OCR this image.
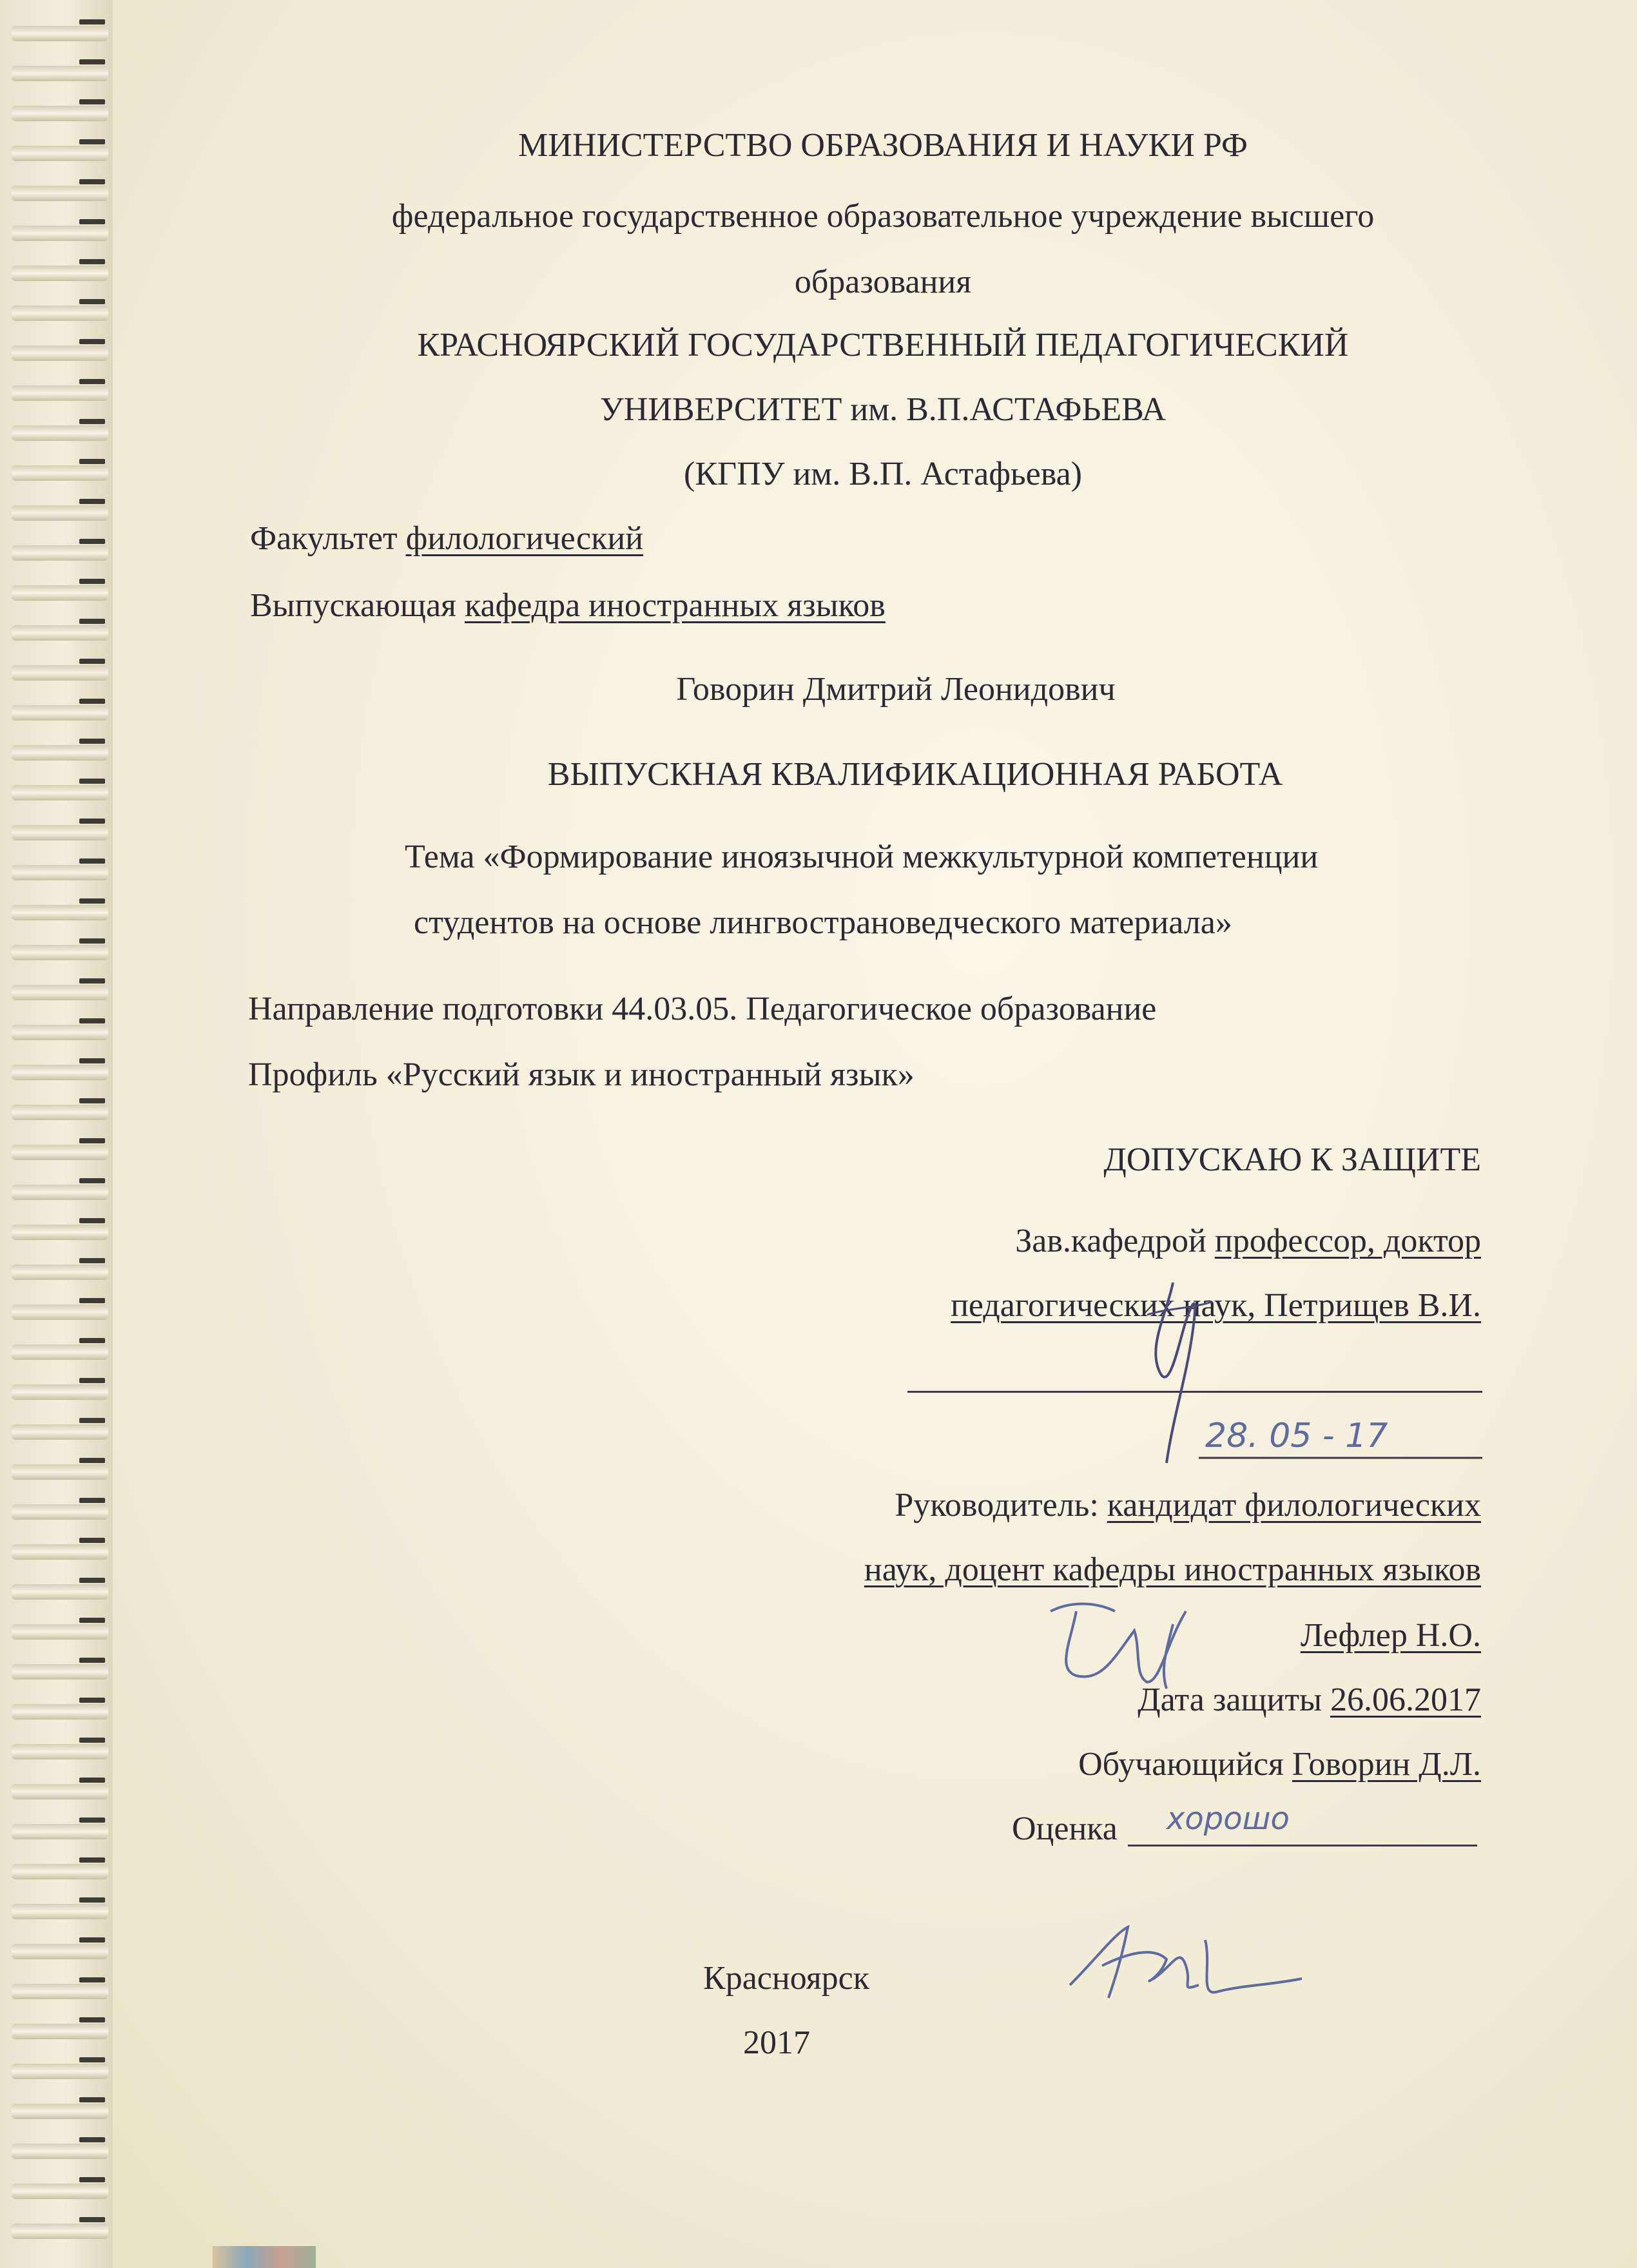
МИНИСТЕРСТВО ОБРАЗОВАНИЯ И НАУКИ РФ
федеральное государственное образовательное учреждение высшего
образования
КРАСНОЯРСКИЙ ГОСУДАРСТВЕННЫЙ ПЕДАГОГИЧЕСКИЙ
УНИВЕРСИТЕТ им. В.П.АСТАФЬЕВА
(КГПУ им. В.П. Астафьева)
Факультет филологический
Выпускающая кафедра иностранных языков
Говорин Дмитрий Леонидович
ВЫПУСКНАЯ КВАЛИФИКАЦИОННАЯ РАБОТА
Тема «Формирование иноязычной межкультурной компетенции
студентов на основе лингвострановедческого материала»
Направление подготовки 44.03.05. Педагогическое образование
Профиль «Русский язык и иностранный язык»
ДОПУСКАЮ К ЗАЩИТЕ
Зав.кафедрой профессор, доктор
педагогических наук, Петрищев В.И.
28. 05 - 17
Руководитель: кандидат филологических
наук, доцент кафедры иностранных языков
Лефлер Н.О.
Дата защиты 26.06.2017
Обучающийся Говорин Д.Л.
Оценка хорошо
Красноярск
2017
